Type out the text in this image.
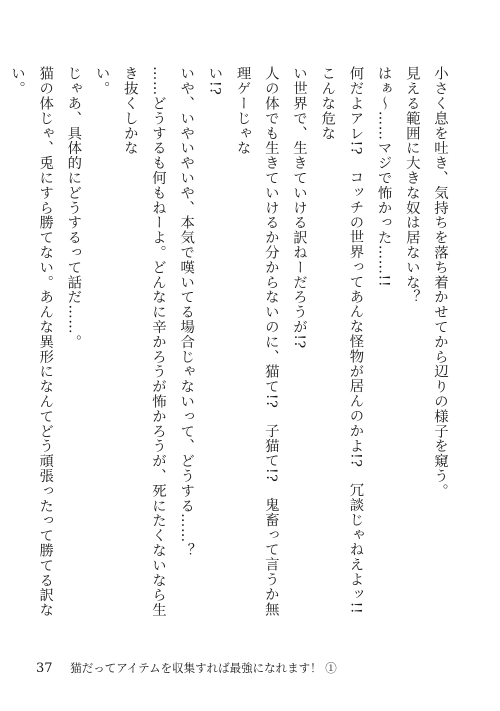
小さく息を吐き、気持ちを落ち着かせてから辺りの様子を窺う。

見える範囲に大きな奴は居ないな？

はぁ〜……マジで怖かった……!!

何だよアレ!?　コッチの世界ってあんな怪物が居んのかよ!?　冗談じゃねえよッ!!　こんな危な

い世界で、生きていける訳ねーだろうが!?

人の体でも生きていけるか分からないのに、猫て!?　子猫て!?　鬼畜って言うか無理ゲーじゃな

い!?

いや、いやいやいや、本気で嘆いてる場合じゃないって、どうする……？

……どうするも何もねーよ。どんなに辛かろうが怖かろうが、死にたくないなら生き抜くしかな

い。

じゃあ、具体的にどうするって話だ……。

猫の体じゃ、兎にすら勝てない。あんな異形になんてどう頑張ったって勝てる訳ない。

37 猫だってアイテムを収集すれば最強になれます！ ①
